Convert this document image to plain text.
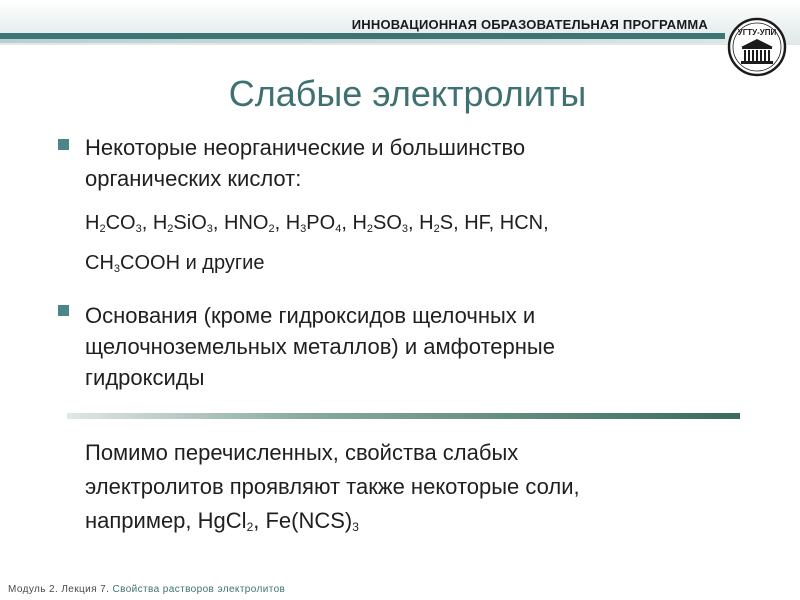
ИННОВАЦИОННАЯ ОБРАЗОВАТЕЛЬНАЯ ПРОГРАММА
УГТУ-УПИ
Слабые электролиты
Некоторые неорганические и большинство
органических кислот:
$H_2CO_3$, $H_2SiO_3$, $HNO_2$, $H_3PO_4$, $H_2SO_3$, $H_2S$, HF, HCN,
$CH_3COOH$ и другие
Основания (кроме гидроксидов щелочных и
щелочноземельных металлов) и амфотерные
гидроксиды
Помимо перечисленных, свойства слабых
электролитов проявляют также некоторые соли,
например, HgCl$_2$, $Fe(NCS)_3$
Модуль 2. Лекция 7. Свойства растворов электролитов
